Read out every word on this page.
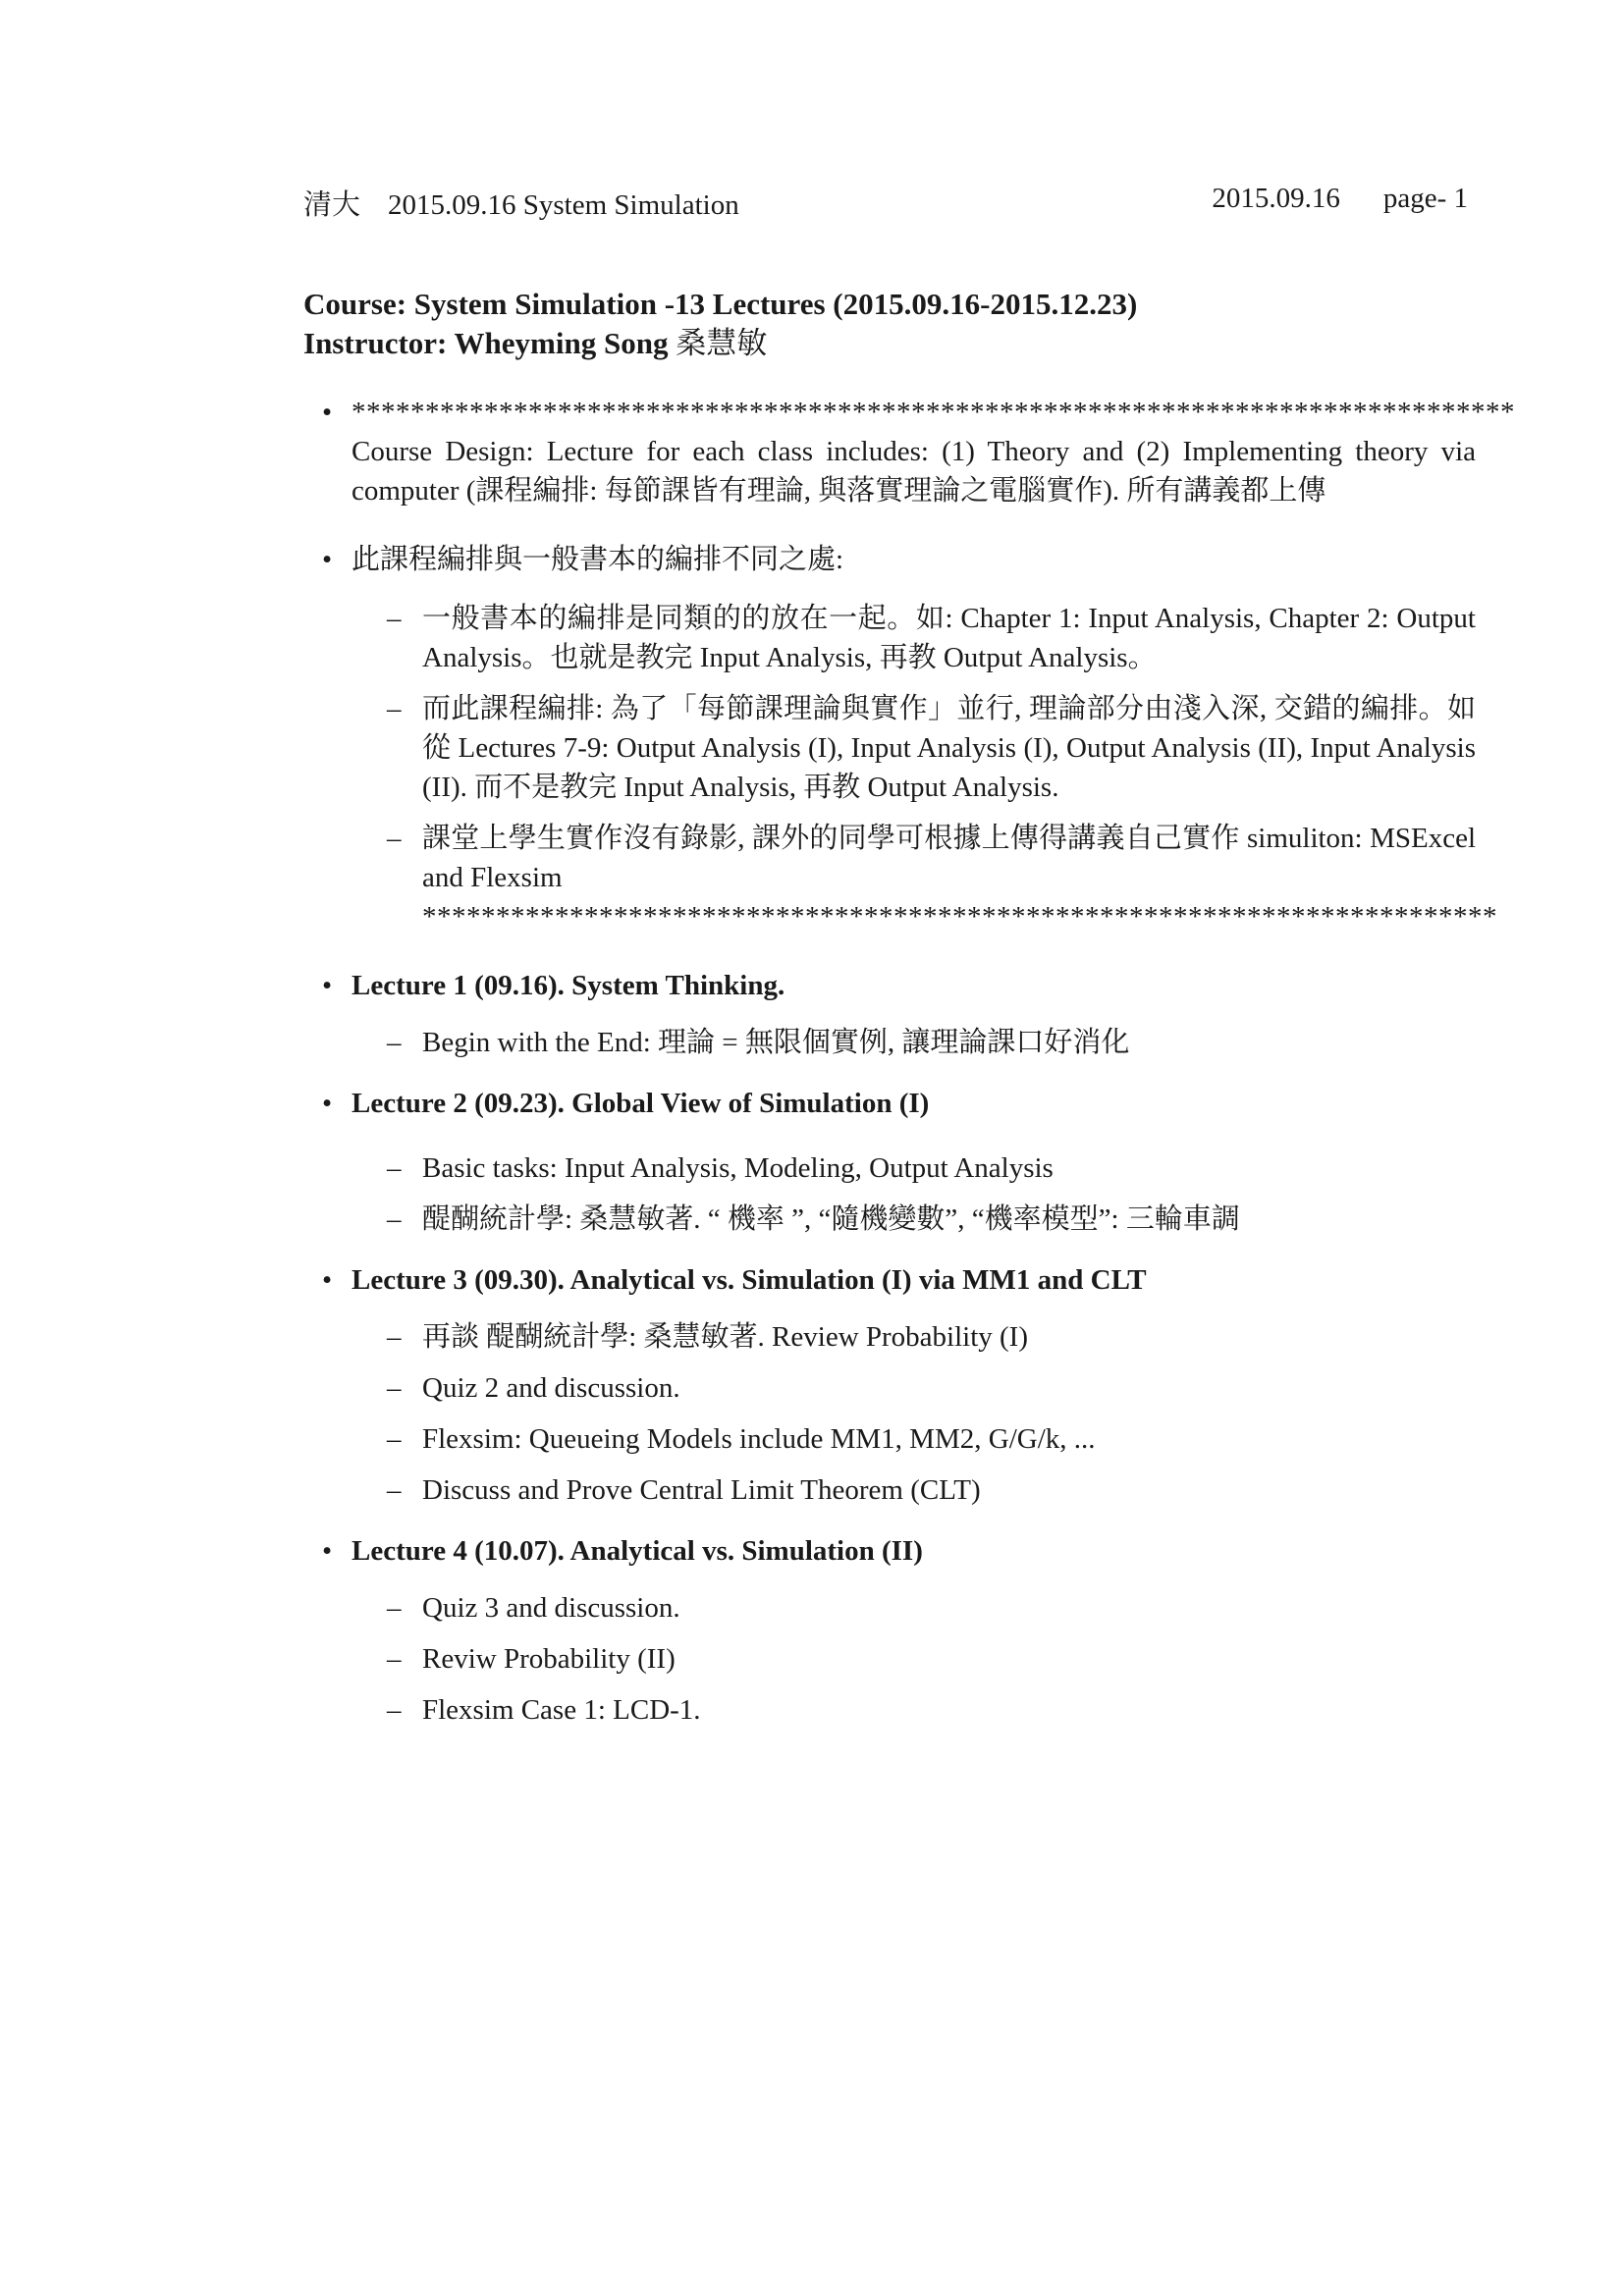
清大 2015.09.16 System Simulation	2015.09.16 page- 1
Course: System Simulation -13 Lectures (2015.09.16-2015.12.23)
Instructor: Wheyming Song 桑慧敏
• *******************************************************************************
Course Design: Lecture for each class includes: (1) Theory and (2) Implementing theory via computer (課程編排: 每節課皆有理論, 與落實理論之電腦實作). 所有講義都上傳
• 此課程編排與一般書本的編排不同之處:
– 一般書本的編排是同類的的放在一起。如: Chapter 1: Input Analysis, Chapter 2: Output Analysis。也就是教完 Input Analysis, 再教 Output Analysis。
– 而此課程編排: 為了「每節課理論與實作」並行, 理論部分由淺入深, 交錯的編排。如從 Lectures 7-9: Output Analysis (I), Input Analysis (I), Output Analysis (II), Input Analysis (II). 而不是教完 Input Analysis, 再教 Output Analysis.
– 課堂上學生實作沒有錄影, 課外的同學可根據上傳得講義自己實作 simuliton: MSExcel and Flexsim
*************************************************************************
• Lecture 1 (09.16). System Thinking.
– Begin with the End: 理論 = 無限個實例, 讓理論課口好消化
• Lecture 2 (09.23). Global View of Simulation (I)
– Basic tasks: Input Analysis, Modeling, Output Analysis
– 醍醐統計學: 桑慧敏著. “ 機率 ”, “隨機變數”, “機率模型”: 三輪車調
• Lecture 3 (09.30). Analytical vs. Simulation (I) via MM1 and CLT
– 再談 醍醐統計學: 桑慧敏著. Review Probability (I)
– Quiz 2 and discussion.
– Flexsim: Queueing Models include MM1, MM2, G/G/k, ...
– Discuss and Prove Central Limit Theorem (CLT)
• Lecture 4 (10.07). Analytical vs. Simulation (II)
– Quiz 3 and discussion.
– Reviw Probability (II)
– Flexsim Case 1: LCD-1.
